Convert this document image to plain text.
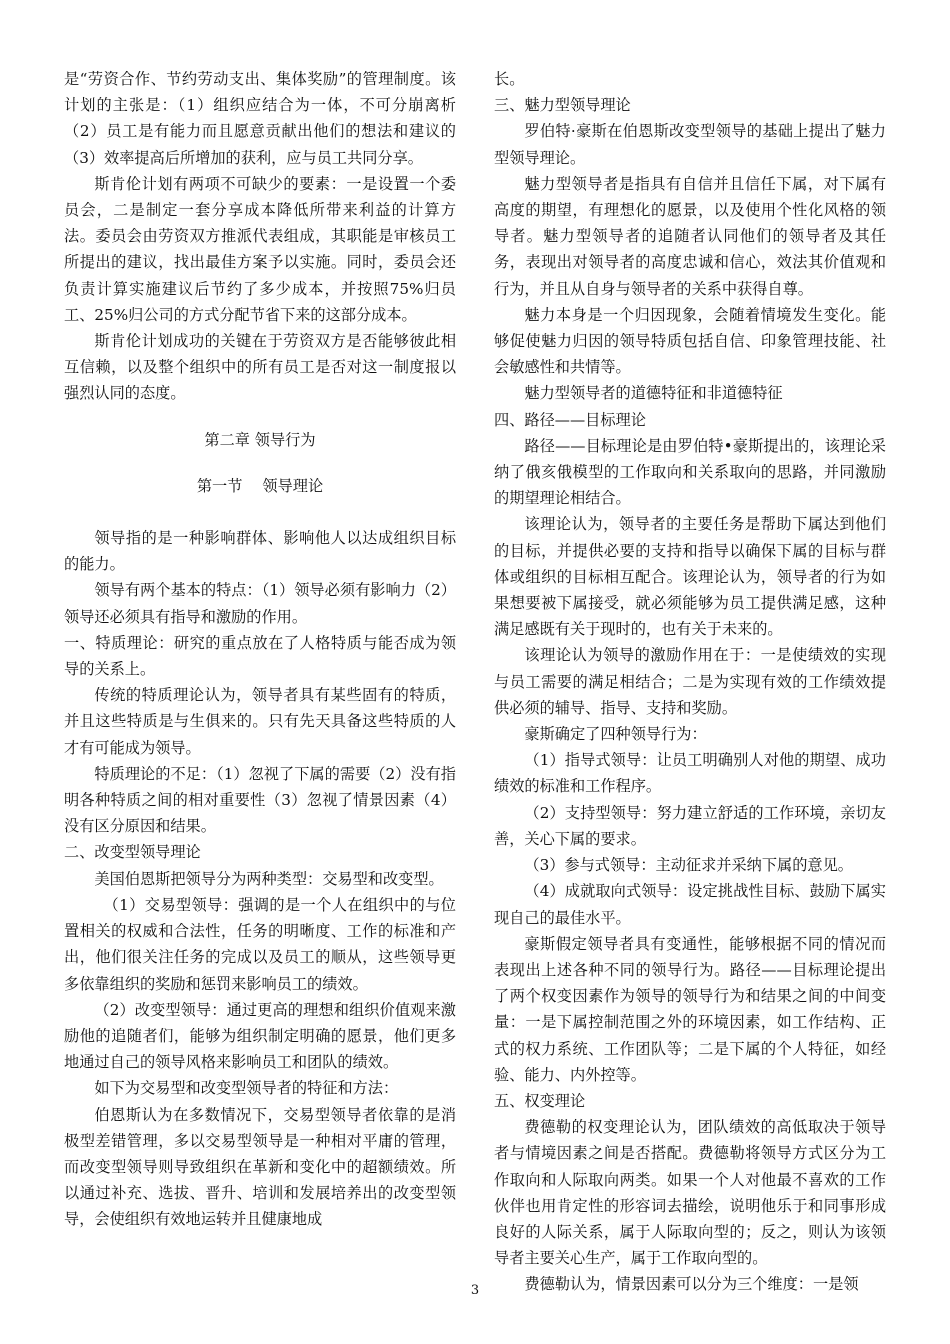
是“劳资合作、节约劳动支出、集体奖励”的管理制度。该计划的主张是：（1）组织应结合为一体，不可分崩离析（2）员工是有能力而且愿意贡献出他们的想法和建议的（3）效率提高后所增加的获利，应与员工共同分享。

斯肯伦计划有两项不可缺少的要素：一是设置一个委员会，二是制定一套分享成本降低所带来利益的计算方法。委员会由劳资双方推派代表组成，其职能是审核员工所提出的建议，找出最佳方案予以实施。同时，委员会还负责计算实施建议后节约了多少成本，并按照75%归员工、25%归公司的方式分配节省下来的这部分成本。

斯肯伦计划成功的关键在于劳资双方是否能够彼此相互信赖，以及整个组织中的所有员工是否对这一制度报以强烈认同的态度。

第二章 领导行为

第一节　 领导理论

领导指的是一种影响群体、影响他人以达成组织目标的能力。

领导有两个基本的特点：（1）领导必须有影响力（2）领导还必须具有指导和激励的作用。

一、特质理论：研究的重点放在了人格特质与能否成为领导的关系上。

传统的特质理论认为，领导者具有某些固有的特质，并且这些特质是与生俱来的。只有先天具备这些特质的人才有可能成为领导。

特质理论的不足：（1）忽视了下属的需要（2）没有指明各种特质之间的相对重要性（3）忽视了情景因素（4）没有区分原因和结果。

二、改变型领导理论

美国伯恩斯把领导分为两种类型：交易型和改变型。

（1）交易型领导：强调的是一个人在组织中的与位置相关的权威和合法性，任务的明晰度、工作的标准和产出，他们很关注任务的完成以及员工的顺从，这些领导更多依靠组织的奖励和惩罚来影响员工的绩效。

（2）改变型领导：通过更高的理想和组织价值观来激励他的追随者们，能够为组织制定明确的愿景，他们更多地通过自己的领导风格来影响员工和团队的绩效。

如下为交易型和改变型领导者的特征和方法：

伯恩斯认为在多数情况下，交易型领导者依靠的是消极型差错管理，多以交易型领导是一种相对平庸的管理，而改变型领导则导致组织在革新和变化中的超额绩效。所以通过补充、选拔、晋升、培训和发展培养出的改变型领导，会使组织有效地运转并且健康地成

长。

三、魅力型领导理论

罗伯特·豪斯在伯恩斯改变型领导的基础上提出了魅力型领导理论。

魅力型领导者是指具有自信并且信任下属，对下属有高度的期望，有理想化的愿景，以及使用个性化风格的领导者。魅力型领导者的追随者认同他们的领导者及其任务，表现出对领导者的高度忠诚和信心，效法其价值观和行为，并且从自身与领导者的关系中获得自尊。

魅力本身是一个归因现象，会随着情境发生变化。能够促使魅力归因的领导特质包括自信、印象管理技能、社会敏感性和共情等。

魅力型领导者的道德特征和非道德特征

四、路径——目标理论

路径——目标理论是由罗伯特•豪斯提出的，该理论采纳了俄亥俄模型的工作取向和关系取向的思路，并同激励的期望理论相结合。

该理论认为，领导者的主要任务是帮助下属达到他们的目标，并提供必要的支持和指导以确保下属的目标与群体或组织的目标相互配合。该理论认为，领导者的行为如果想要被下属接受，就必须能够为员工提供满足感，这种满足感既有关于现时的，也有关于未来的。

该理论认为领导的激励作用在于：一是使绩效的实现与员工需要的满足相结合；二是为实现有效的工作绩效提供必须的辅导、指导、支持和奖励。

豪斯确定了四种领导行为：

（1）指导式领导：让员工明确别人对他的期望、成功绩效的标准和工作程序。

（2）支持型领导：努力建立舒适的工作环境，亲切友善，关心下属的要求。

（3）参与式领导：主动征求并采纳下属的意见。

（4）成就取向式领导：设定挑战性目标、鼓励下属实现自己的最佳水平。

豪斯假定领导者具有变通性，能够根据不同的情况而表现出上述各种不同的领导行为。路径——目标理论提出了两个权变因素作为领导的领导行为和结果之间的中间变量：一是下属控制范围之外的环境因素，如工作结构、正式的权力系统、工作团队等；二是下属的个人特征，如经验、能力、内外控等。

五、权变理论

费德勒的权变理论认为，团队绩效的高低取决于领导者与情境因素之间是否搭配。费德勒将领导方式区分为工作取向和人际取向两类。如果一个人对他最不喜欢的工作伙伴也用肯定性的形容词去描绘，说明他乐于和同事形成良好的人际关系，属于人际取向型的；反之，则认为该领导者主要关心生产，属于工作取向型的。

费德勒认为，情景因素可以分为三个维度：一是领

3
